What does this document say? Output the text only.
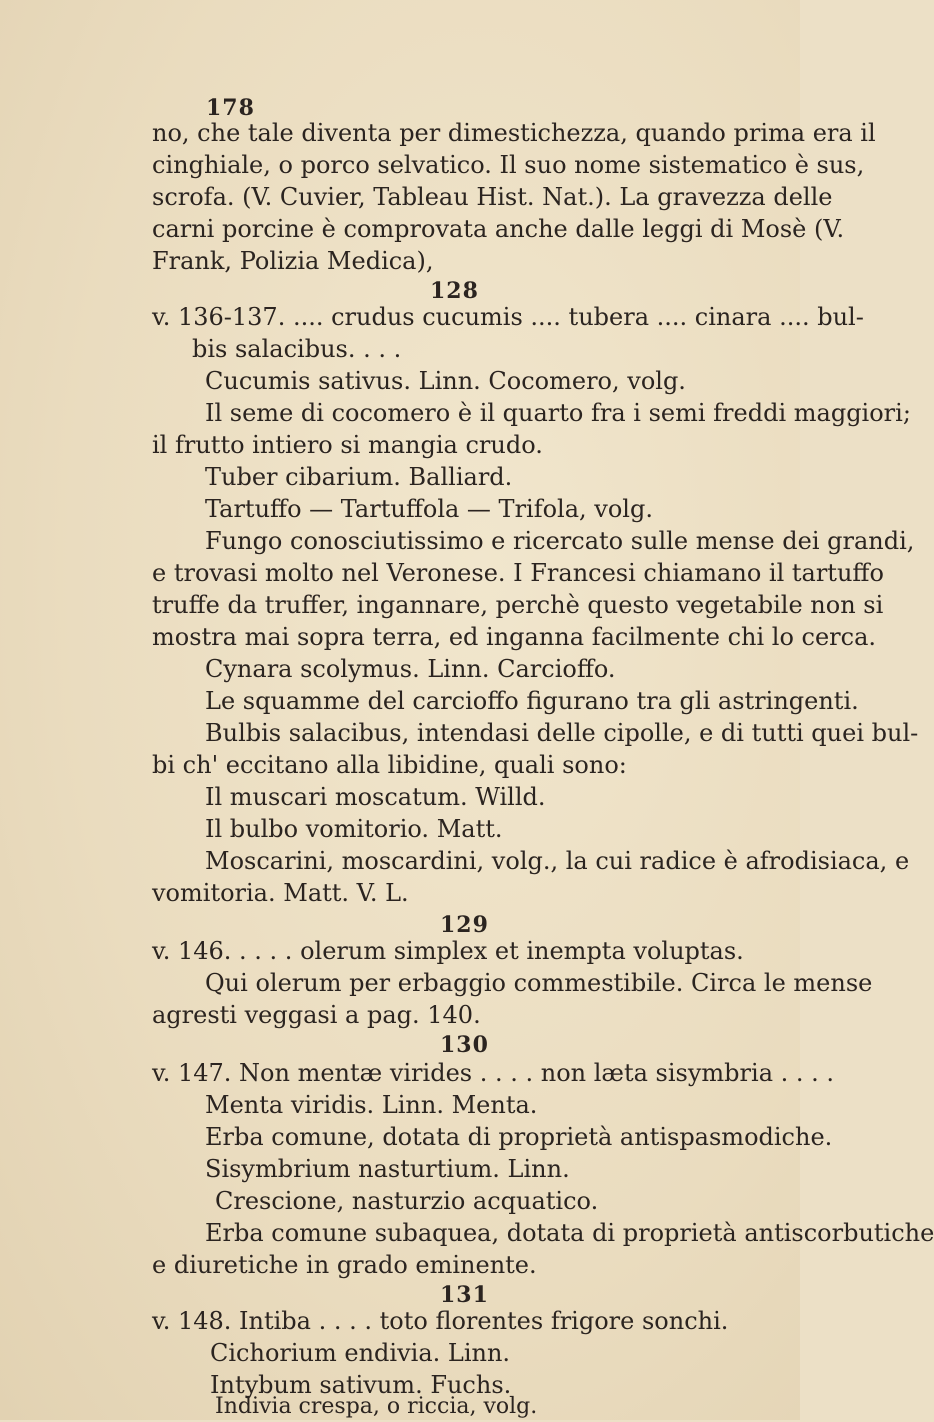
178
no, che tale diventa per dimestichezza, quando prima era il
cinghiale, o porco selvatico. Il suo nome sistematico è sus,
scrofa. (V. Cuvier, Tableau Hist. Nat.). La gravezza delle
carni porcine è comprovata anche dalle leggi di Mosè (V.
Frank, Polizia Medica),
128
v. 136-137. .... crudus cucumis .... tubera .... cinara .... bul-
bis salacibus. . . .
Cucumis sativus. Linn. Cocomero, volg.
Il seme di cocomero è il quarto fra i semi freddi maggiori;
il frutto intiero si mangia crudo.
Tuber cibarium. Balliard.
Tartuffo — Tartuffola — Trifola, volg.
Fungo conosciutissimo e ricercato sulle mense dei grandi,
e trovasi molto nel Veronese. I Francesi chiamano il tartuffo
truffe da truffer, ingannare, perchè questo vegetabile non si
mostra mai sopra terra, ed inganna facilmente chi lo cerca.
Cynara scolymus. Linn. Carcioffo.
Le squamme del carcioffo figurano tra gli astringenti.
Bulbis salacibus, intendasi delle cipolle, e di tutti quei bul-
bi ch' eccitano alla libidine, quali sono:
Il muscari moscatum. Willd.
Il bulbo vomitorio. Matt.
Moscarini, moscardini, volg., la cui radice è afrodisiaca, e
vomitoria. Matt. V. L.
129
v. 146. . . . . olerum simplex et inempta voluptas.
Qui olerum per erbaggio commestibile. Circa le mense
agresti veggasi a pag. 140.
130
v. 147. Non mentæ virides . . . . non læta sisymbria . . . .
Menta viridis. Linn. Menta.
Erba comune, dotata di proprietà antispasmodiche.
Sisymbrium nasturtium. Linn.
Crescione, nasturzio acquatico.
Erba comune subaquea, dotata di proprietà antiscorbutiche
e diuretiche in grado eminente.
131
v. 148. Intiba . . . . toto florentes frigore sonchi.
Cichorium endivia. Linn.
Intybum sativum. Fuchs.
Indivia crespa, o riccia, volg.
